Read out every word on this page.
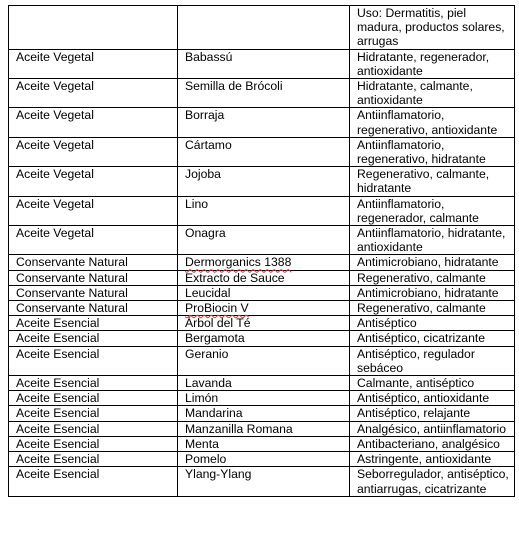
		Uso: Dermatitis, piel madura, productos solares, arrugas
Aceite Vegetal	Babassú	Hidratante, regenerador, antioxidante
Aceite Vegetal	Semilla de Brócoli	Hidratante, calmante, antioxidante
Aceite Vegetal	Borraja	Antiinflamatorio, regenerativo, antioxidante
Aceite Vegetal	Cártamo	Antiinflamatorio, regenerativo, hidratante
Aceite Vegetal	Jojoba	Regenerativo, calmante, hidratante
Aceite Vegetal	Lino	Antiinflamatorio, regenerador, calmante
Aceite Vegetal	Onagra	Antiinflamatorio, hidratante, antioxidante
Conservante Natural	Dermorganics 1388	Antimicrobiano, hidratante
Conservante Natural	Extracto de Sauce	Regenerativo, calmante
Conservante Natural	Leucidal	Antimicrobiano, hidratante
Conservante Natural	ProBiocin V	Regenerativo, calmante
Aceite Esencial	Árbol del Té	Antiséptico
Aceite Esencial	Bergamota	Antiséptico, cicatrizante
Aceite Esencial	Geranio	Antiséptico, regulador sebáceo
Aceite Esencial	Lavanda	Calmante, antiséptico
Aceite Esencial	Limón	Antiséptico, antioxidante
Aceite Esencial	Mandarina	Antiséptico, relajante
Aceite Esencial	Manzanilla Romana	Analgésico, antiinflamatorio
Aceite Esencial	Menta	Antibacteriano, analgésico
Aceite Esencial	Pomelo	Astringente, antioxidante
Aceite Esencial	Ylang-Ylang	Seborregulador, antiséptico, antiarrugas, cicatrizante
